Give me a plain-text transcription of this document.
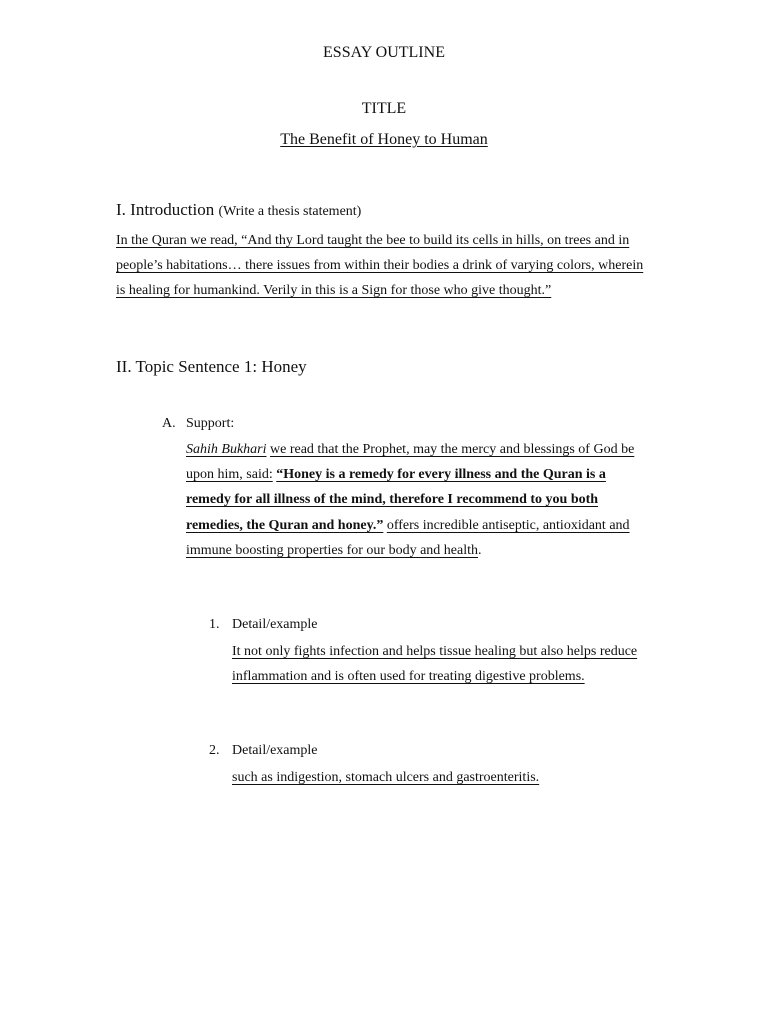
ESSAY OUTLINE
TITLE
The Benefit of Honey to Human
I. Introduction (Write a thesis statement)

In the Quran we read, “And thy Lord taught the bee to build its cells in hills, on trees and in people’s habitations… there issues from within their bodies a drink of varying colors, wherein is healing for humankind. Verily in this is a Sign for those who give thought.”

II. Topic Sentence 1: Honey
A. Support:

Sahih Bukhari we read that the Prophet, may the mercy and blessings of God be upon him, said: “Honey is a remedy for every illness and the Quran is a remedy for all illness of the mind, therefore I recommend to you both remedies, the Quran and honey.” offers incredible antiseptic, antioxidant and immune boosting properties for our body and health.

1. Detail/example

It not only fights infection and helps tissue healing but also helps reduce inflammation and is often used for treating digestive problems.

2. Detail/example

such as indigestion, stomach ulcers and gastroenteritis.
